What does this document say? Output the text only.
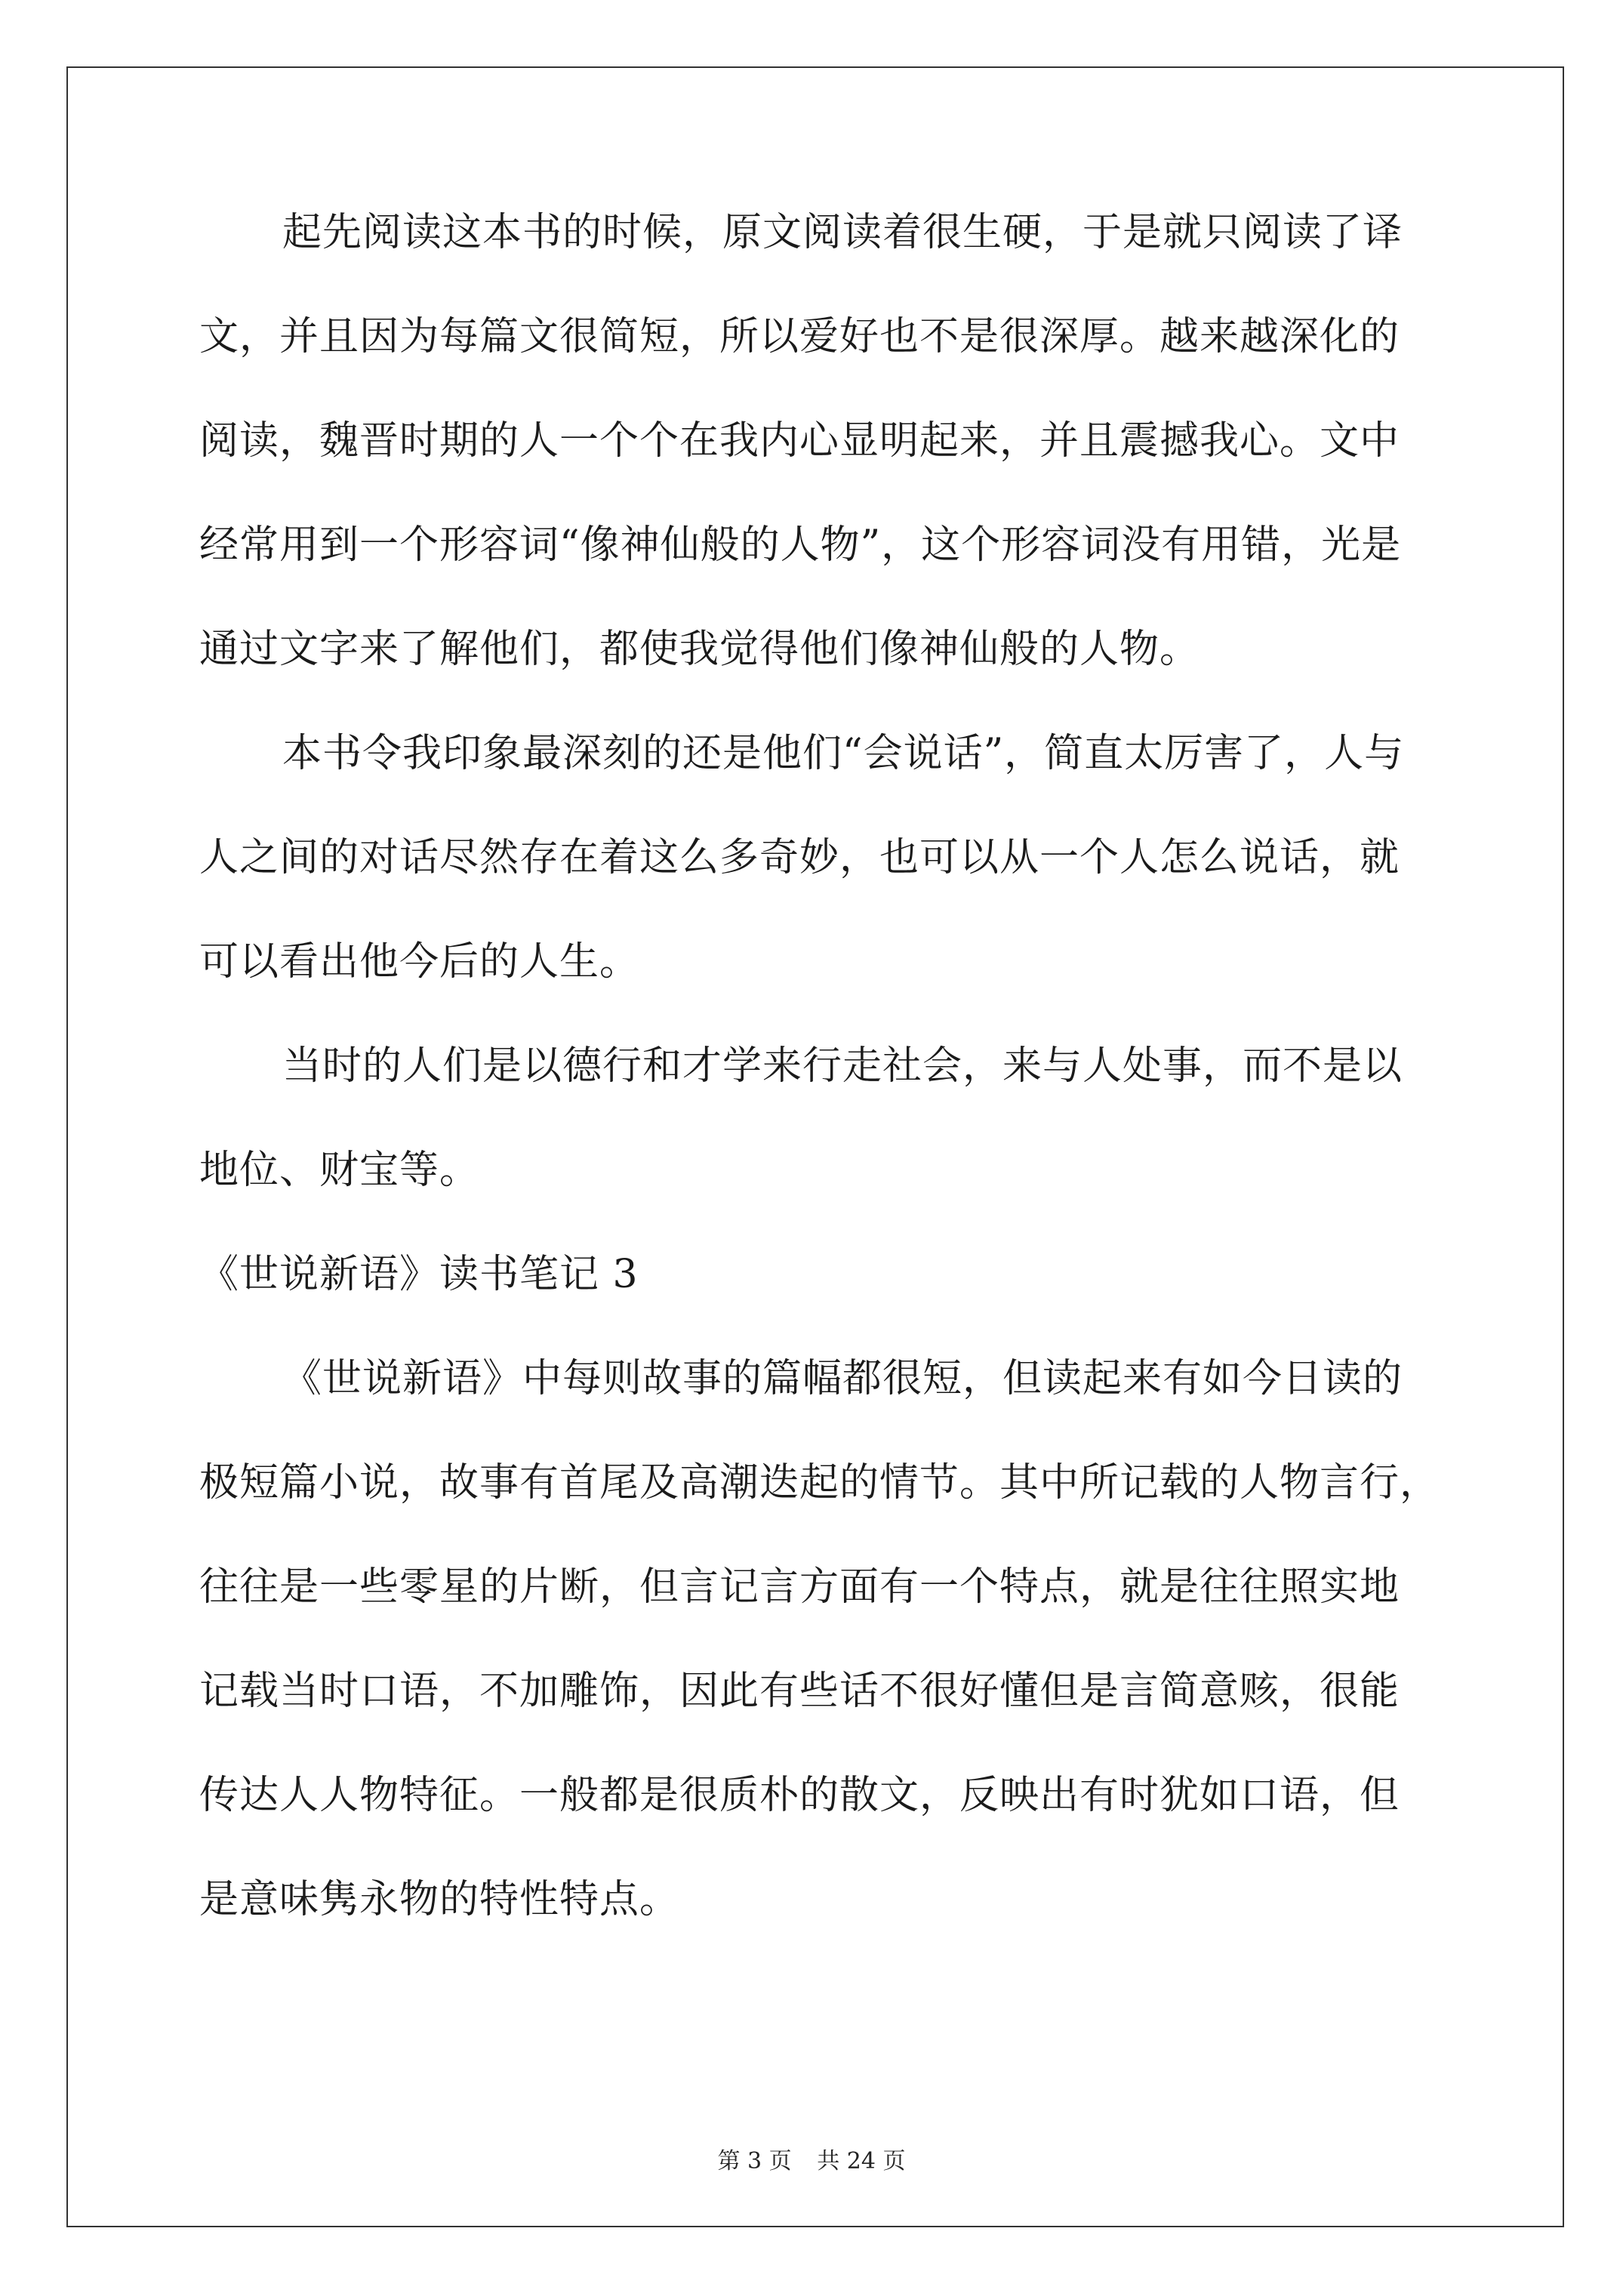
起先阅读这本书的时候，原文阅读着很生硬，于是就只阅读了译
文，并且因为每篇文很简短，所以爱好也不是很深厚。越来越深化的
阅读，魏晋时期的人一个个在我内心显明起来，并且震撼我心。文中
经常用到一个形容词“像神仙般的人物”，这个形容词没有用错，光是
通过文字来了解他们，都使我觉得他们像神仙般的人物。
本书令我印象最深刻的还是他们“会说话”，简直太厉害了，人与
人之间的对话尽然存在着这么多奇妙，也可以从一个人怎么说话，就
可以看出他今后的人生。
当时的人们是以德行和才学来行走社会，来与人处事，而不是以
地位、财宝等。
《世说新语》读书笔记 3
《世说新语》中每则故事的篇幅都很短，但读起来有如今日读的
极短篇小说，故事有首尾及高潮迭起的情节。其中所记载的人物言行，
往往是一些零星的片断，但言记言方面有一个特点，就是往往照实地
记载当时口语，不加雕饰，因此有些话不很好懂但是言简意赅，很能
传达人人物特征。一般都是很质朴的散文，反映出有时犹如口语，但
是意味隽永物的特性特点。
第 3 页 共 24 页
